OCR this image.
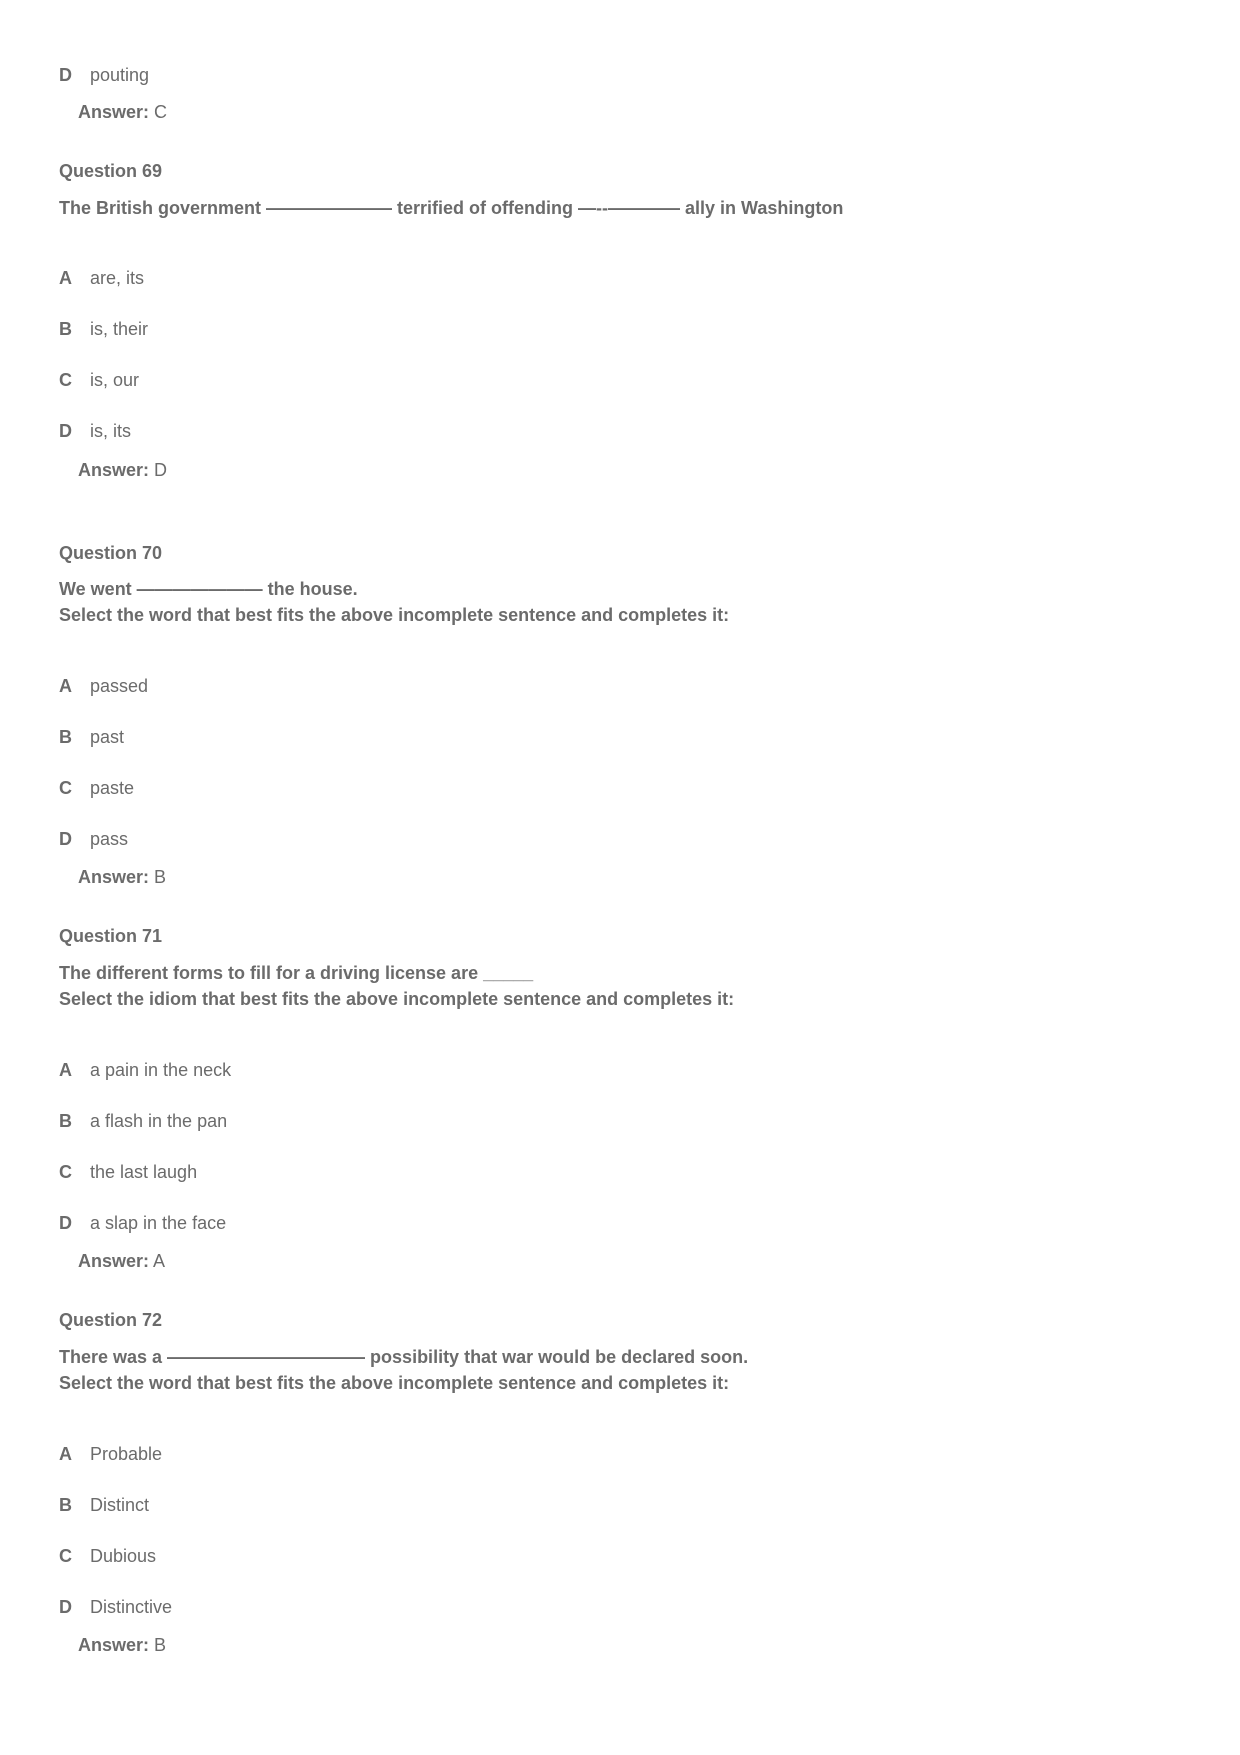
D	pouting
Answer: C
Question 69
The British government ——————— terrified of offending —--———— ally in Washington
A	are, its
B	is, their
C	is, our
D	is, its
Answer: D
Question 70
We went ——————— the house.
Select the word that best fits the above incomplete sentence and completes it:
A	passed
B	past
C	paste
D	pass
Answer: B
Question 71
The different forms to fill for a driving license are _____
Select the idiom that best fits the above incomplete sentence and completes it:
A	a pain in the neck
B	a flash in the pan
C	the last laugh
D	a slap in the face
Answer: A
Question 72
There was a ——————————— possibility that war would be declared soon.
Select the word that best fits the above incomplete sentence and completes it:
A	Probable
B	Distinct
C	Dubious
D	Distinctive
Answer: B
